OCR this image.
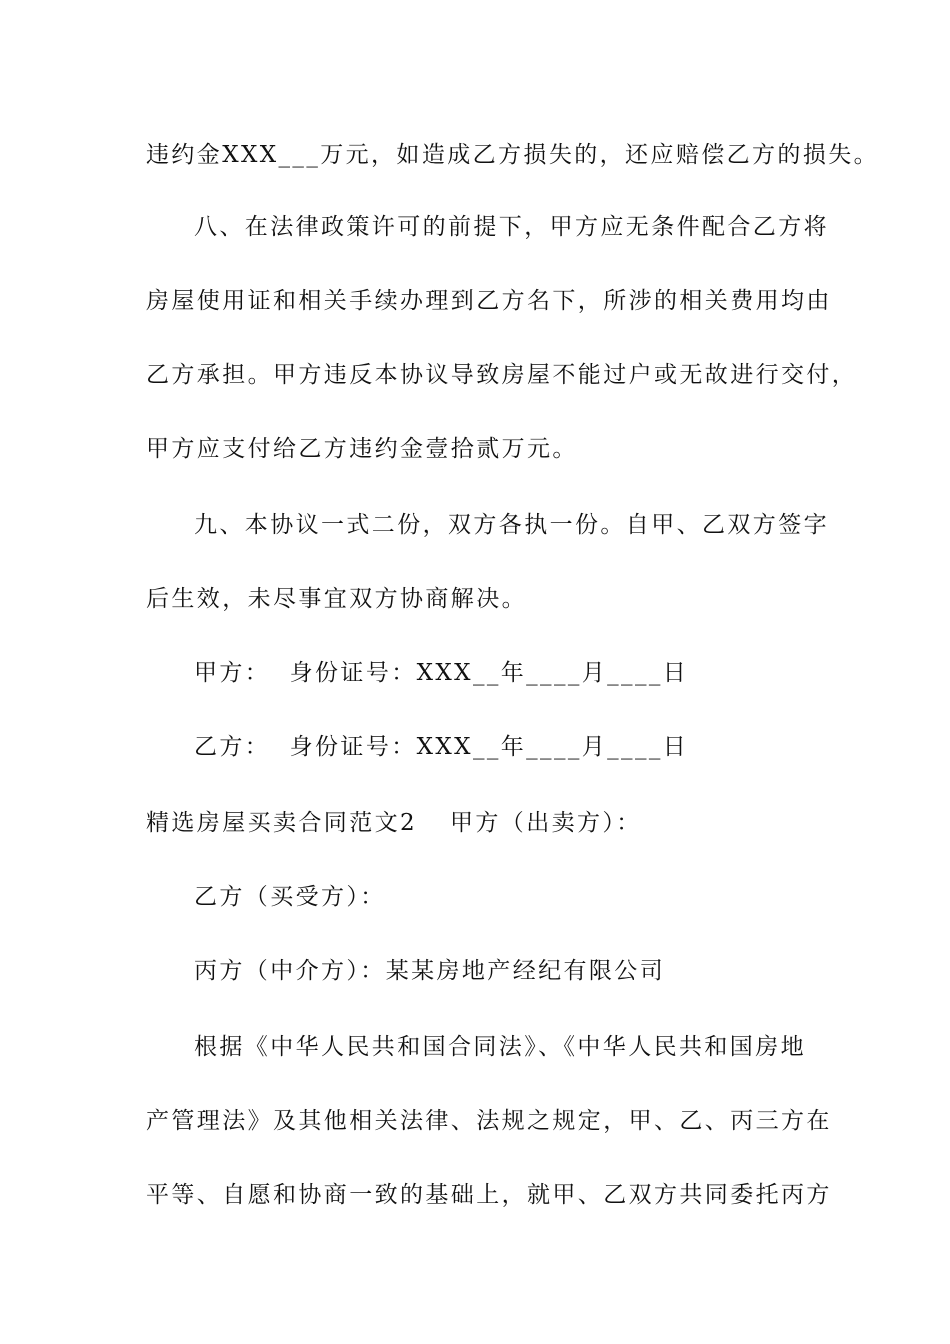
违约金XXX___万元，如造成乙方损失的，还应赔偿乙方的损失。
八、在法律政策许可的前提下，甲方应无条件配合乙方将
房屋使用证和相关手续办理到乙方名下，所涉的相关费用均由
乙方承担。甲方违反本协议导致房屋不能过户或无故进行交付，
甲方应支付给乙方违约金壹拾贰万元。
九、本协议一式二份，双方各执一份。自甲、乙双方签字
后生效，未尽事宜双方协商解决。
甲方：  身份证号：XXX__年____月____日
乙方：  身份证号：XXX__年____月____日
精选房屋买卖合同范文2 甲方（出卖方）：
乙方（买受方）：
丙方（中介方）：某某房地产经纪有限公司
根据《中华人民共和国合同法》、《中华人民共和国房地
产管理法》及其他相关法律、法规之规定，甲、乙、丙三方在
平等、自愿和协商一致的基础上，就甲、乙双方共同委托丙方
